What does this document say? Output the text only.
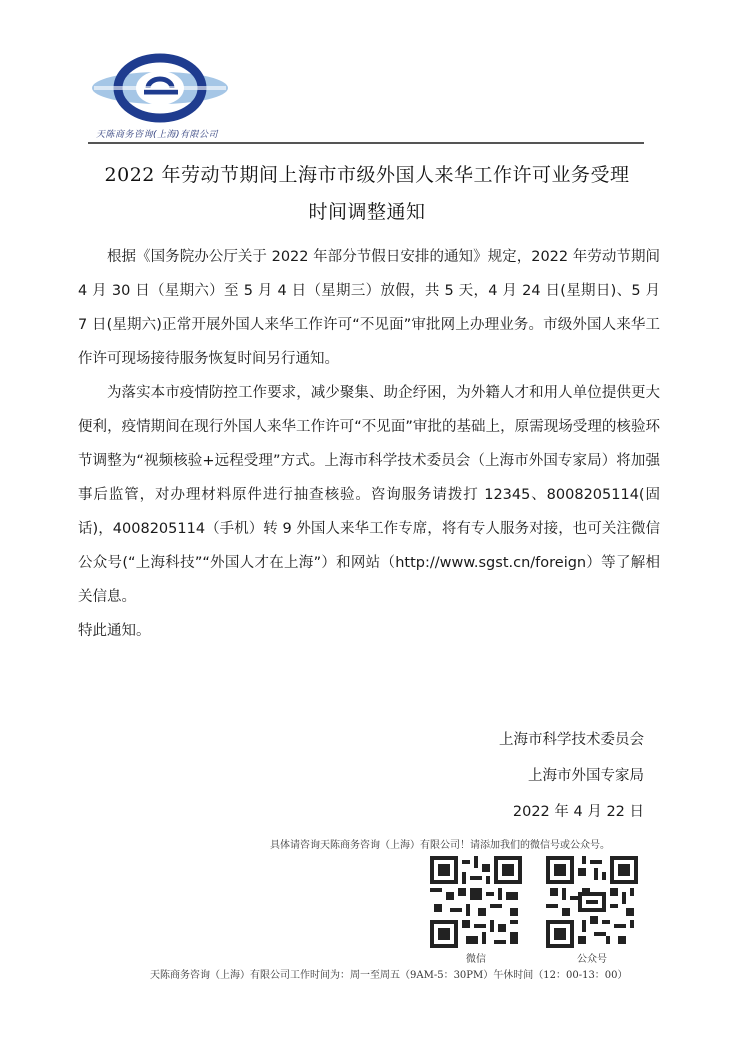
天陈商务咨询(上海)有限公司
2022 年劳动节期间上海市市级外国人来华工作许可业务受理
时间调整通知

根据《国务院办公厅关于 2022 年部分节假日安排的通知》规定，2022 年劳动节期间 4 月 30 日（星期六）至 5 月 4 日（星期三）放假，共 5 天，4 月 24 日(星期日)、5 月 7 日(星期六)正常开展外国人来华工作许可“不见面”审批网上办理业务。市级外国人来华工作许可现场接待服务恢复时间另行通知。

为落实本市疫情防控工作要求，减少聚集、助企纾困，为外籍人才和用人单位提供更大便利，疫情期间在现行外国人来华工作许可“不见面”审批的基础上，原需现场受理的核验环节调整为“视频核验+远程受理”方式。上海市科学技术委员会（上海市外国专家局）将加强事后监管，对办理材料原件进行抽查核验。咨询服务请拨打 12345、8008205114(固话)，4008205114（手机）转 9 外国人来华工作专席，将有专人服务对接，也可关注微信公众号(“上海科技”“外国人才在上海”）和网站（http://www.sgst.cn/foreign）等了解相关信息。

特此通知。

上海市科学技术委员会
上海市外国专家局
2022 年 4 月 22 日
具体请咨询天陈商务咨询（上海）有限公司！请添加我们的微信号或公众号。
微信	公众号
天陈商务咨询（上海）有限公司工作时间为：周一至周五（9AM-5：30PM）午休时间（12：00-13：00）
